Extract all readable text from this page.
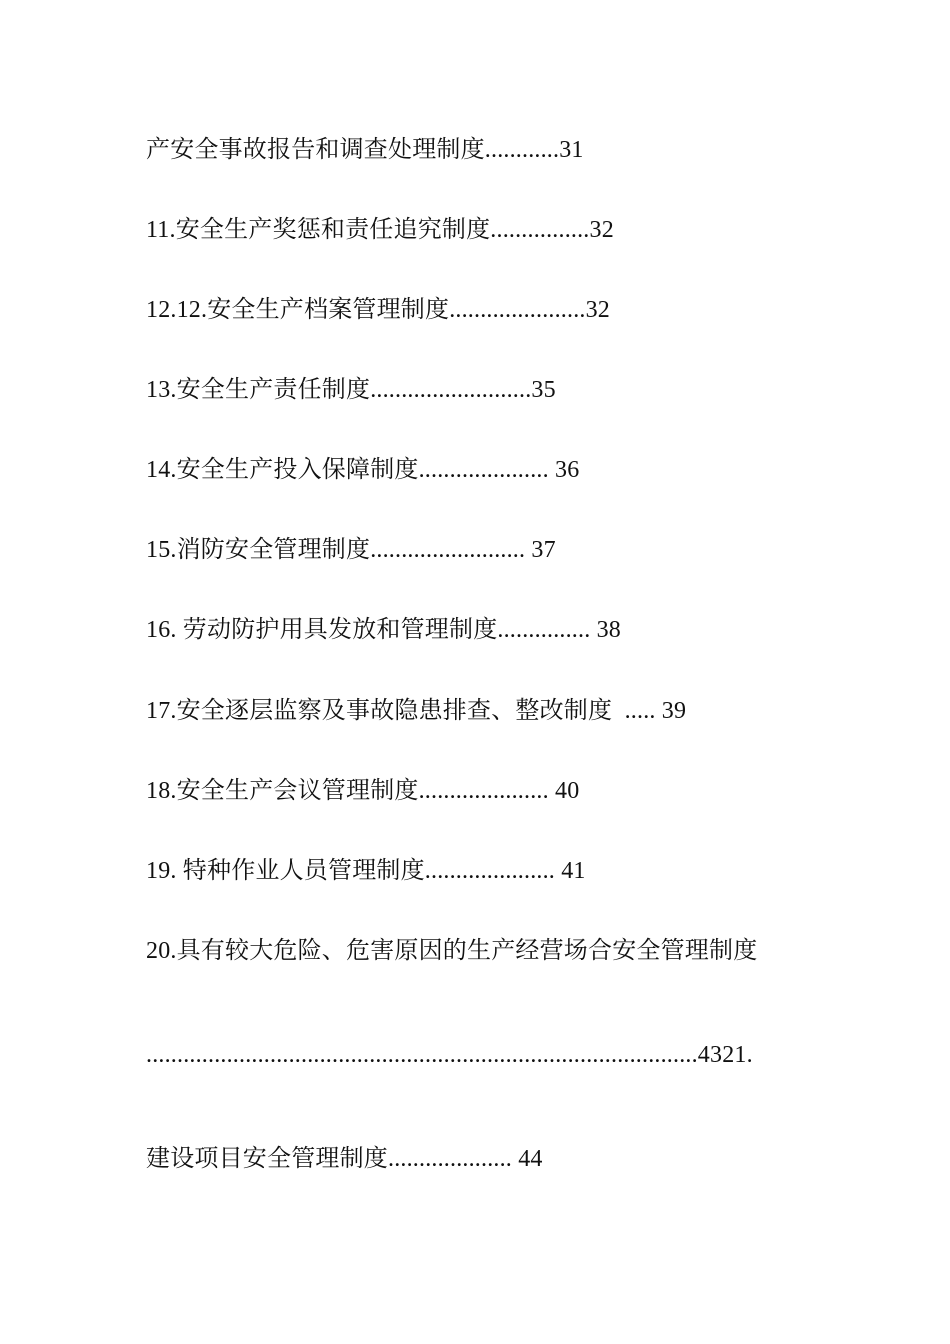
产安全事故报告和调查处理制度............31
11.安全生产奖惩和责任追究制度................32
12.12.安全生产档案管理制度......................32
13.安全生产责任制度..........................35
14.安全生产投入保障制度..................... 36
15.消防安全管理制度......................... 37
16. 劳动防护用具发放和管理制度............... 38
17.安全逐层监察及事故隐患排查、整改制度  ..... 39
18.安全生产会议管理制度..................... 40
19. 特种作业人员管理制度..................... 41
20.具有较大危险、危害原因的生产经营场合安全管理制度
.........................................................................................4321.
建设项目安全管理制度.................... 44
